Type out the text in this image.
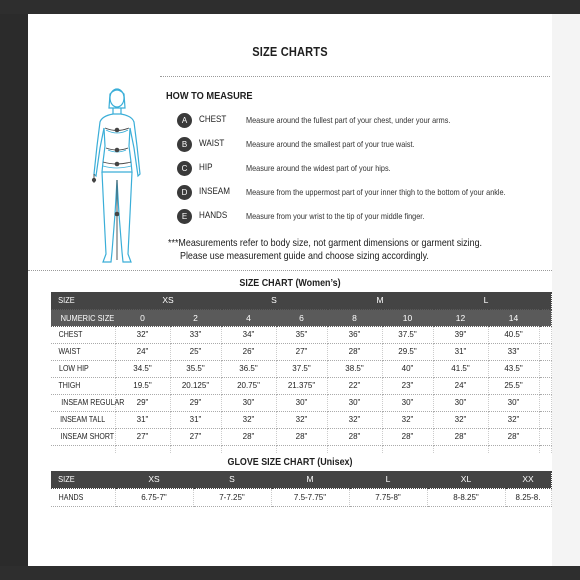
SIZE CHARTS
HOW TO MEASURE
A	CHEST Measure around the fullest part of your chest, under your arms.
B	WAIST	Measure around the smallest part of your true waist.
C	HIP	Measure around the widest part of your hips.
D	INSEAM Measure from the uppermost part of your inner thigh to the bottom of your ankle.
E	HANDS Measure from your wrist to the tip of your middle finger.
***Measurements refer to body size, not garment dimensions or garment sizing.
Please use measurement guide and choose sizing accordingly.
SIZE CHART (Women’s)
SIZE	XS		S		M		L		
NUMERIC SIZE	0	2	4	6	8	10	12	14	
CHEST	32"	33"	34"	35"	36"	37.5"	39"	40.5"	
WAIST	24"	25"	26"	27"	28"	29.5"	31"	33"	
LOW HIP	34.5"	35.5"	36.5"	37.5"	38.5"	40"	41.5"	43.5"	
THIGH	19.5"	20.125"	20.75"	21.375"	22"	23"	24"	25.5"	
INSEAM REGULAR	29"	29"	30"	30"	30"	30"	30"	30"	
INSEAM TALL	31"	31"	32"	32"	32"	32"	32"	32"	
INSEAM SHORT	27"	27"	28"	28"	28"	28"	28"	28"	

GLOVE SIZE CHART (Unisex)
SIZE	XS	S	M	L	XL	XX
HANDS	6.75-7"	7-7.25"	7.5-7.75"	7.75-8"	8-8.25"	8.25-8.
